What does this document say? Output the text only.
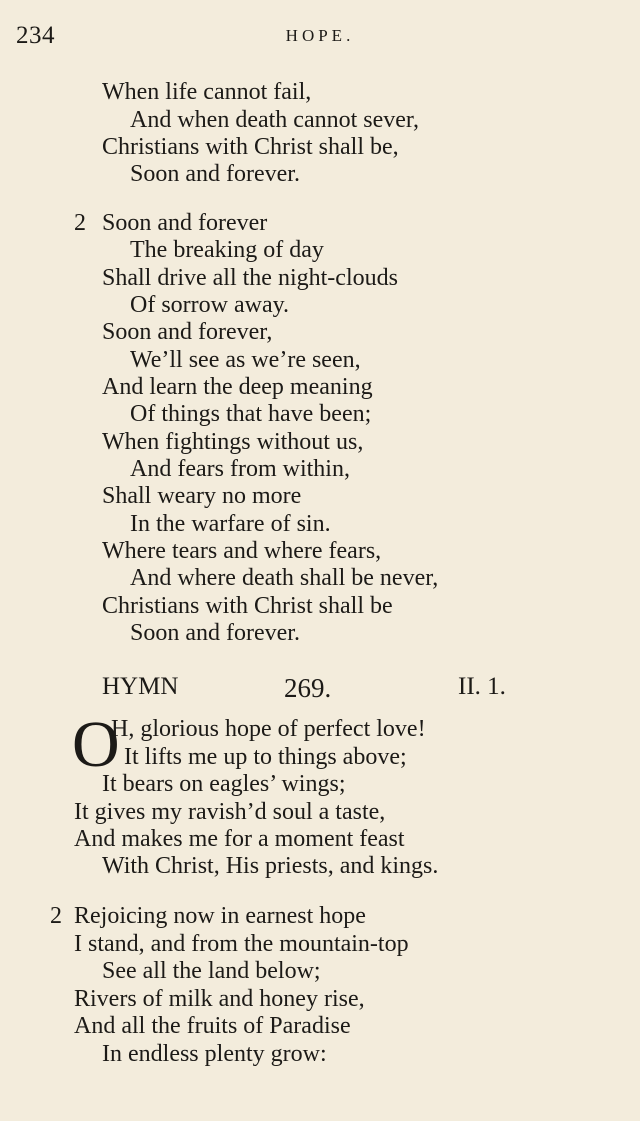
234	HOPE.
When life cannot fail,
And when death cannot sever,
Christians with Christ shall be,
Soon and forever.
2 Soon and forever
The breaking of day
Shall drive all the night-clouds
Of sorrow away.
Soon and forever,
We’ll see as we’re seen,
And learn the deep meaning
Of things that have been;
When fightings without us,
And fears from within,
Shall weary no more
In the warfare of sin.
Where tears and where fears,
And where death shall be never,
Christians with Christ shall be
Soon and forever.
HYMN	269.	II. 1.
O
H, glorious hope of perfect love!
It lifts me up to things above;
It bears on eagles’ wings;
It gives my ravish’d soul a taste,
And makes me for a moment feast
With Christ, His priests, and kings.
2 Rejoicing now in earnest hope
I stand, and from the mountain-top
See all the land below;
Rivers of milk and honey rise,
And all the fruits of Paradise
In endless plenty grow:
